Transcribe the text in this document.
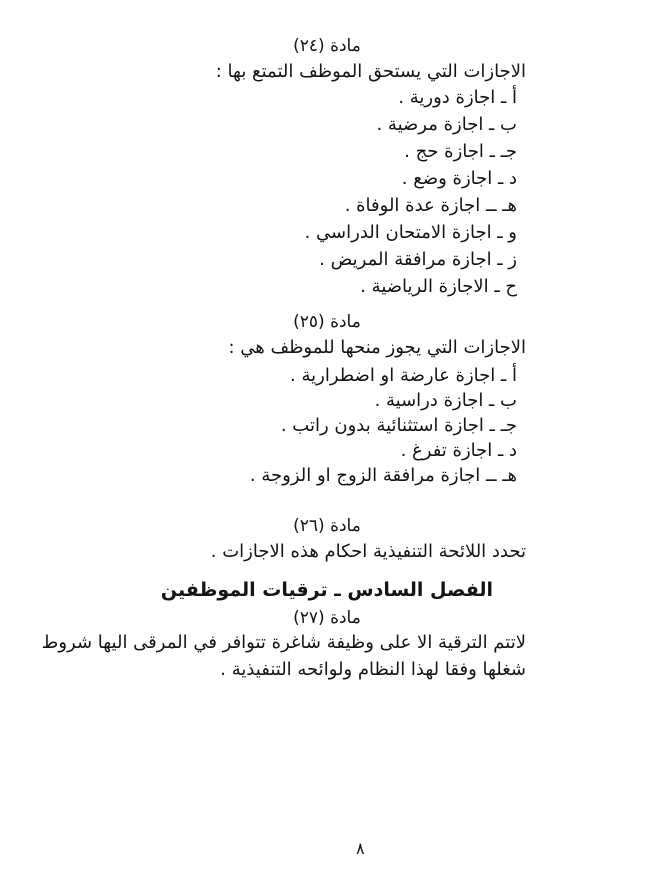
مادة (٢٤)
الاجازات التي يستحق الموظف التمتع بها :
أ ـ اجازة دورية .
ب ـ اجازة مرضية .
جـ ـ اجازة حج .
د ـ اجازة وضع .
هـ ــ اجازة عدة الوفاة .
و ـ اجازة الامتحان الدراسي .
ز ـ اجازة مرافقة المريض .
ح ـ الاجازة الرياضية .
مادة (٢٥)
الاجازات التي يجوز منحها للموظف هي :
أ ـ اجازة عارضة او اضطرارية .
ب ـ اجازة دراسية .
جـ ـ اجازة استثنائية بدون راتب .
د ـ اجازة تفرغ .
هـ ــ اجازة مرافقة الزوج او الزوجة .
مادة (٢٦)
تحدد اللائحة التنفيذية احكام هذه الاجازات .
الفصل السادس ـ ترقيات الموظفين
مادة (٢٧)
لاتتم الترقية الا على وظيفة شاغرة تتوافر في المرقى اليها شروط
شغلها وفقا لهذا النظام ولوائحه التنفيذية .
٨
